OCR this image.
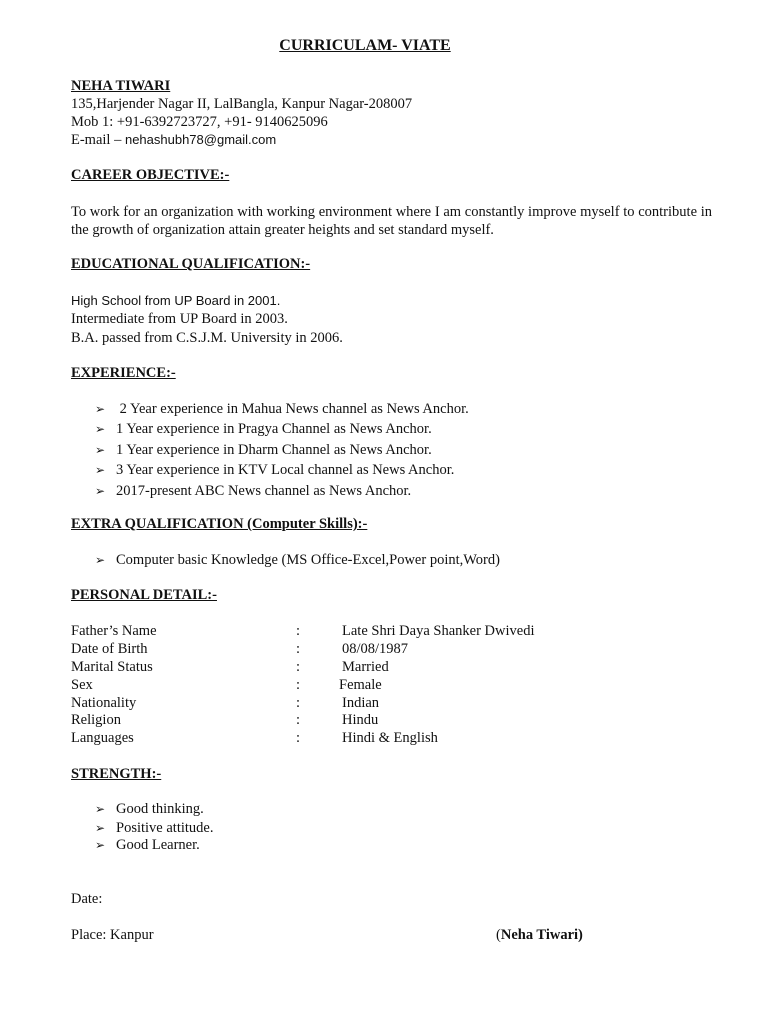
CURRICULAM- VIATE
NEHA TIWARI
135,Harjender Nagar II, LalBangla, Kanpur Nagar-208007
Mob 1: +91-6392723727, +91- 9140625096
E-mail – nehashubh78@gmail.com
CAREER OBJECTIVE:-
To work for an organization with working environment where I am constantly improve myself to contribute in the growth of organization attain greater heights and set standard myself.
EDUCATIONAL QUALIFICATION:-
High School from UP Board in 2001.
Intermediate from UP Board in 2003.
B.A. passed from C.S.J.M. University in 2006.
EXPERIENCE:-
➢ 2 Year experience in Mahua News channel as News Anchor.
➢ 1 Year experience in Pragya Channel as News Anchor.
➢ 1 Year experience in Dharm Channel as News Anchor.
➢ 3 Year experience in KTV Local channel as News Anchor.
➢ 2017-present ABC News channel as News Anchor.
EXTRA QUALIFICATION (Computer Skills):-
➢ Computer basic Knowledge (MS Office-Excel,Power point,Word)
PERSONAL DETAIL:-
Father’s Name	:	Late Shri Daya Shanker Dwivedi
Date of Birth	:	08/08/1987
Marital Status	:	Married
Sex	:	Female
Nationality	:	Indian
Religion	:	Hindu
Languages	:	Hindi & English
STRENGTH:-
➢ Good thinking.
➢ Positive attitude.
➢ Good Learner.
Date:
Place: Kanpur	(Neha Tiwari)
